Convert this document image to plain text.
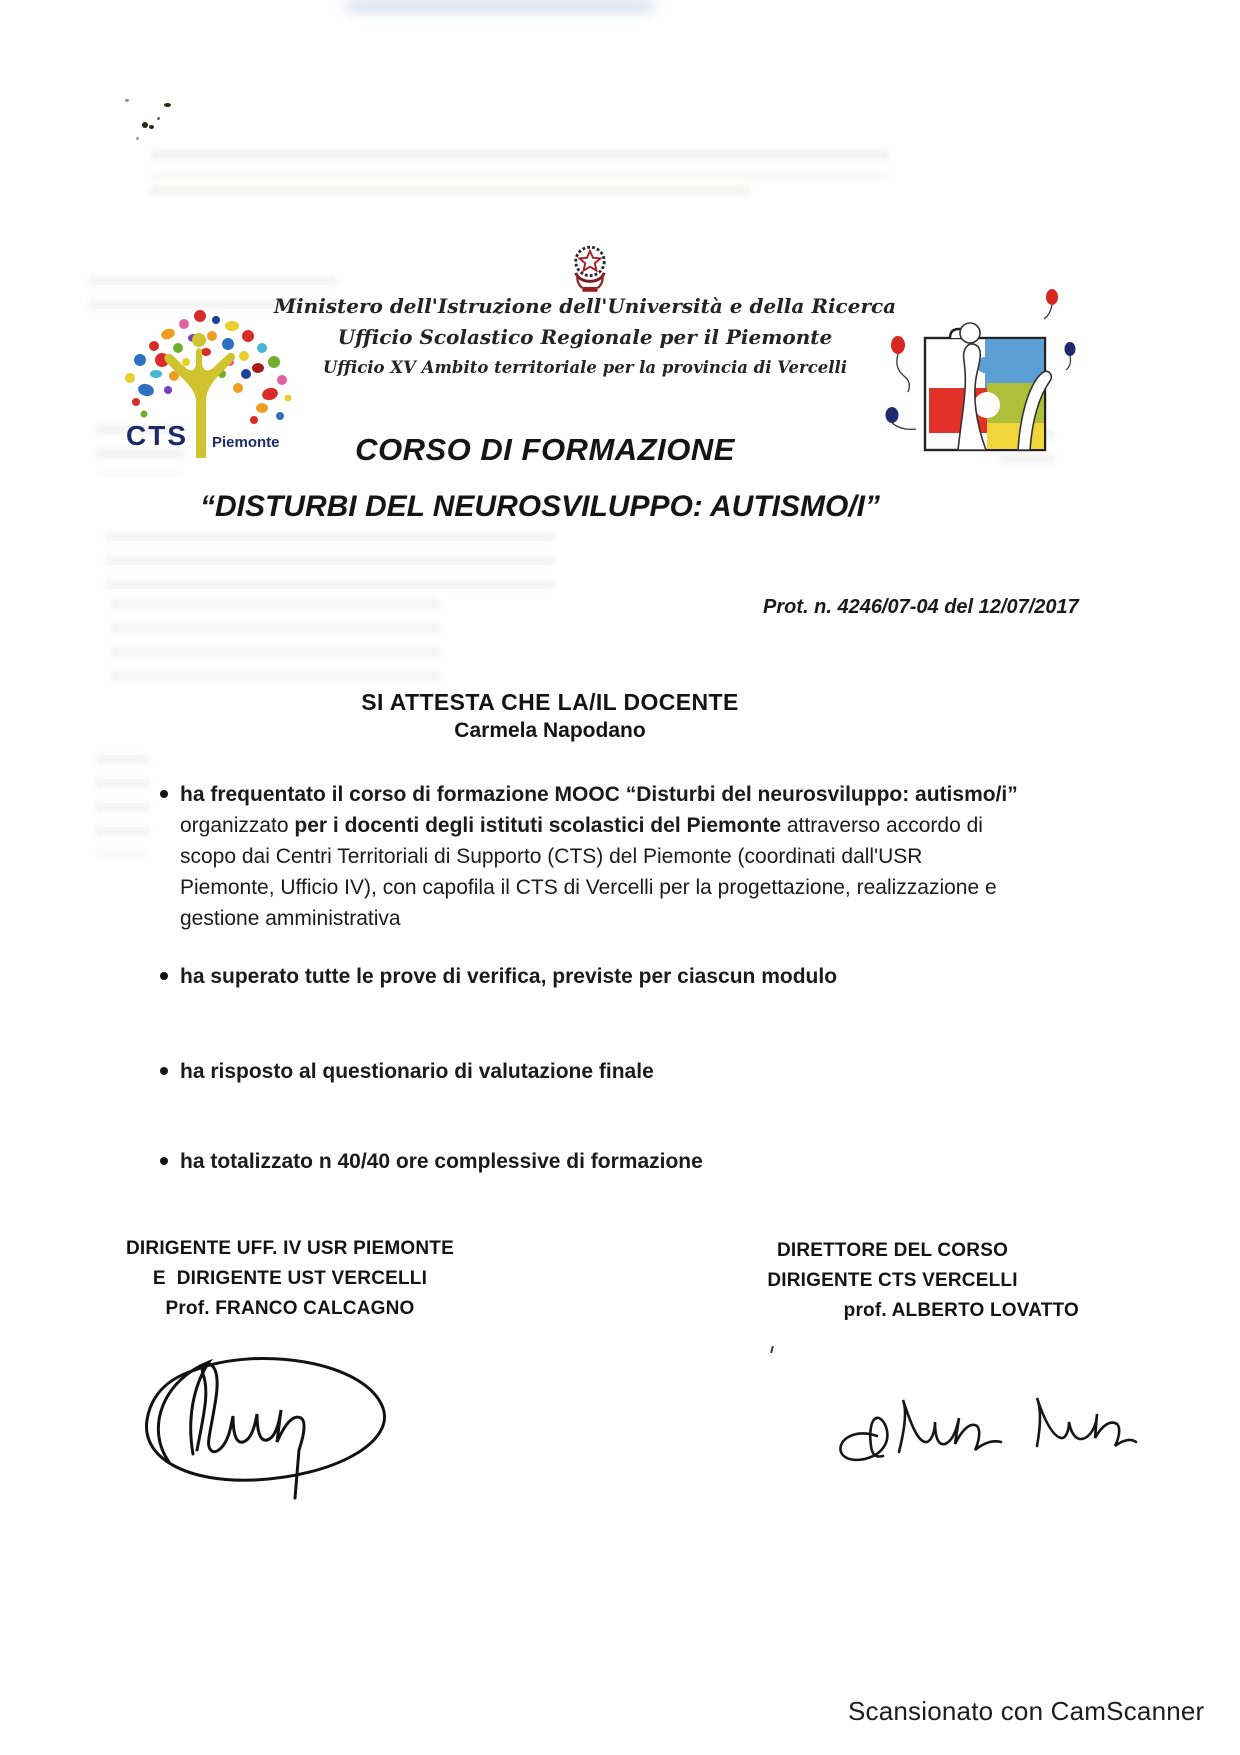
Ministero dell'Istruzione dell'Università e della Ricerca
Ufficio Scolastico Regionale per il Piemonte
Ufficio XV Ambito territoriale per la provincia di Vercelli
CTS Piemonte	CORSO DI FORMAZIONE
“DISTURBI DEL NEUROSVILUPPO: AUTISMO/I”
Prot. n. 4246/07-04 del 12/07/2017
SI ATTESTA CHE LA/IL DOCENTE
Carmela Napodano
ha frequentato il corso di formazione MOOC “Disturbi del neurosviluppo: autismo/i” organizzato per i docenti degli istituti scolastici del Piemonte attraverso accordo di scopo dai Centri Territoriali di Supporto (CTS) del Piemonte (coordinati dall'USR Piemonte, Ufficio IV), con capofila il CTS di Vercelli per la progettazione, realizzazione e gestione amministrativa
ha superato tutte le prove di verifica, previste per ciascun modulo
ha risposto al questionario di valutazione finale
ha totalizzato n 40/40 ore complessive di formazione
DIRIGENTE UFF. IV USR PIEMONTE
E  DIRIGENTE UST VERCELLI
Prof. FRANCO CALCAGNO
DIRETTORE DEL CORSO
DIRIGENTE CTS VERCELLI
prof. ALBERTO LOVATTO
Scansionato con CamScanner
